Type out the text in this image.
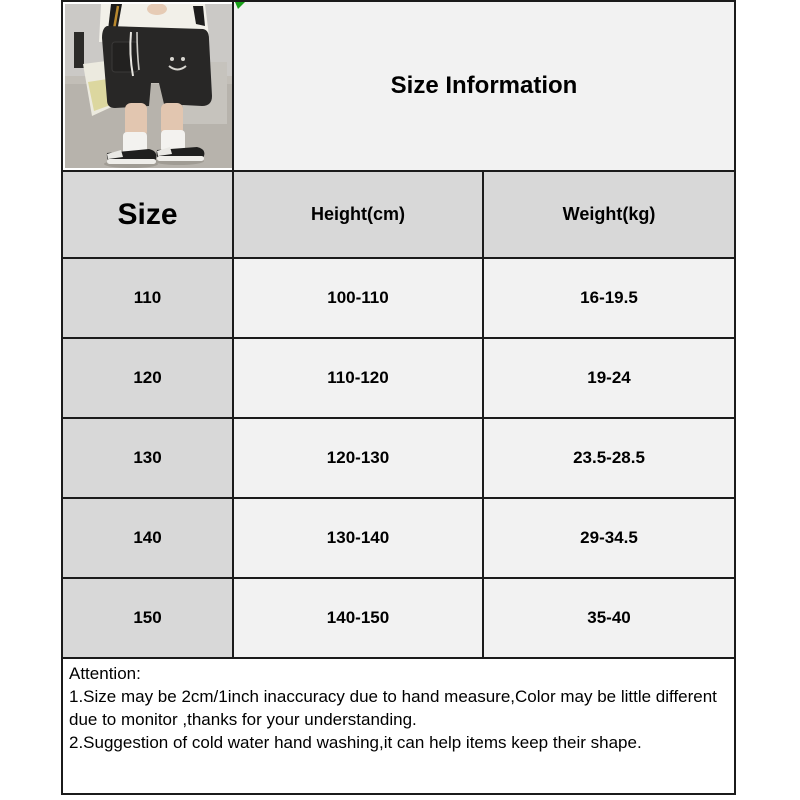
Size Information
Size	Height(cm)	Weight(kg)
110	100-110	16-19.5
120	110-120	19-24
130	120-130	23.5-28.5
140	130-140	29-34.5
150	140-150	35-40

Attention:

1.Size may be 2cm/1inch inaccuracy due to hand measure,Color may be little different due to monitor ,thanks for your understanding.

2.Suggestion of cold water hand washing,it can help items keep their shape.
